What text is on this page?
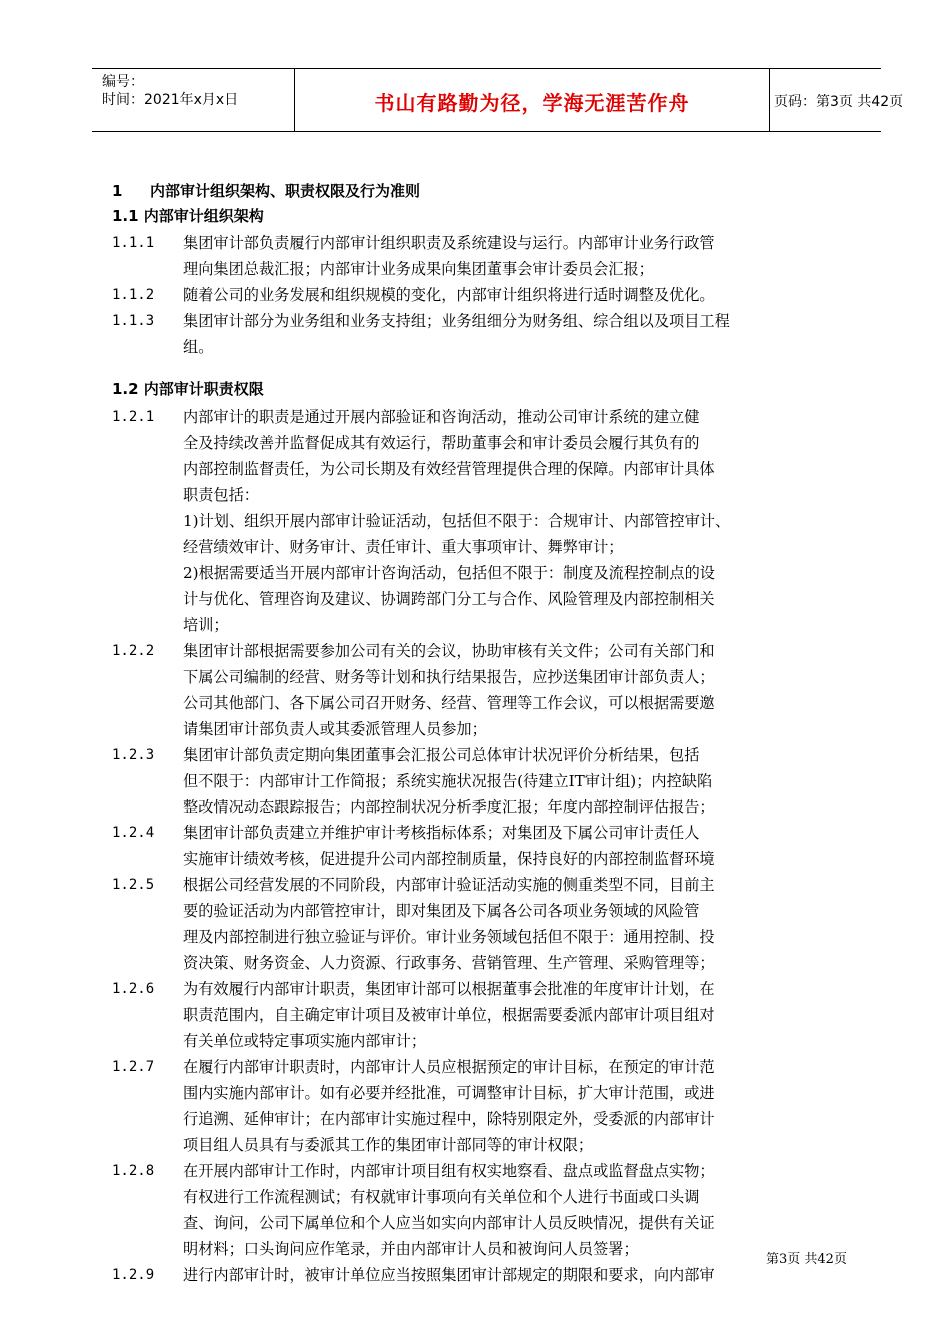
编号：
时间：2021年x月x日	书山有路勤为径，学海无涯苦作舟	页码：第3页 共42页
1 内部审计组织架构、职责权限及行为准则
1.1 内部审计组织架构
1.2 内部审计职责权限
1.1.1 集团审计部负责履行内部审计组织职责及系统建设与运行。内部审计业务行政管
理向集团总裁汇报；内部审计业务成果向集团董事会审计委员会汇报；
1.1.2 随着公司的业务发展和组织规模的变化，内部审计组织将进行适时调整及优化。
1.1.3 集团审计部分为业务组和业务支持组；业务组细分为财务组、综合组以及项目工程
组。
1.2.1 内部审计的职责是通过开展内部验证和咨询活动，推动公司审计系统的建立健
全及持续改善并监督促成其有效运行，帮助董事会和审计委员会履行其负有的
内部控制监督责任，为公司长期及有效经营管理提供合理的保障。内部审计具体
职责包括：
1)计划、组织开展内部审计验证活动，包括但不限于：合规审计、内部管控审计、
经营绩效审计、财务审计、责任审计、重大事项审计、舞弊审计；
2)根据需要适当开展内部审计咨询活动，包括但不限于：制度及流程控制点的设
计与优化、管理咨询及建议、协调跨部门分工与合作、风险管理及内部控制相关
培训；
1.2.2 集团审计部根据需要参加公司有关的会议，协助审核有关文件；公司有关部门和
下属公司编制的经营、财务等计划和执行结果报告，应抄送集团审计部负责人；
公司其他部门、各下属公司召开财务、经营、管理等工作会议，可以根据需要邀
请集团审计部负责人或其委派管理人员参加；
1.2.3 集团审计部负责定期向集团董事会汇报公司总体审计状况评价分析结果，包括
但不限于：内部审计工作简报；系统实施状况报告(待建立IT审计组)；内控缺陷
整改情况动态跟踪报告；内部控制状况分析季度汇报；年度内部控制评估报告；
1.2.4 集团审计部负责建立并维护审计考核指标体系；对集团及下属公司审计责任人
实施审计绩效考核，促进提升公司内部控制质量，保持良好的内部控制监督环境
1.2.5 根据公司经营发展的不同阶段，内部审计验证活动实施的侧重类型不同，目前主
要的验证活动为内部管控审计，即对集团及下属各公司各项业务领域的风险管
理及内部控制进行独立验证与评价。审计业务领域包括但不限于：通用控制、投
资决策、财务资金、人力资源、行政事务、营销管理、生产管理、采购管理等；
1.2.6 为有效履行内部审计职责，集团审计部可以根据董事会批准的年度审计计划，在
职责范围内，自主确定审计项目及被审计单位，根据需要委派内部审计项目组对
有关单位或特定事项实施内部审计；
1.2.7 在履行内部审计职责时，内部审计人员应根据预定的审计目标，在预定的审计范
围内实施内部审计。如有必要并经批准，可调整审计目标，扩大审计范围，或进
行追溯、延伸审计；在内部审计实施过程中，除特别限定外，受委派的内部审计
项目组人员具有与委派其工作的集团审计部同等的审计权限；
1.2.8 在开展内部审计工作时，内部审计项目组有权实地察看、盘点或监督盘点实物；
有权进行工作流程测试；有权就审计事项向有关单位和个人进行书面或口头调
查、询问，公司下属单位和个人应当如实向内部审计人员反映情况，提供有关证
明材料；口头询问应作笔录，并由内部审计人员和被询问人员签署；
1.2.9 进行内部审计时，被审计单位应当按照集团审计部规定的期限和要求，向内部审
第3页 共42页
